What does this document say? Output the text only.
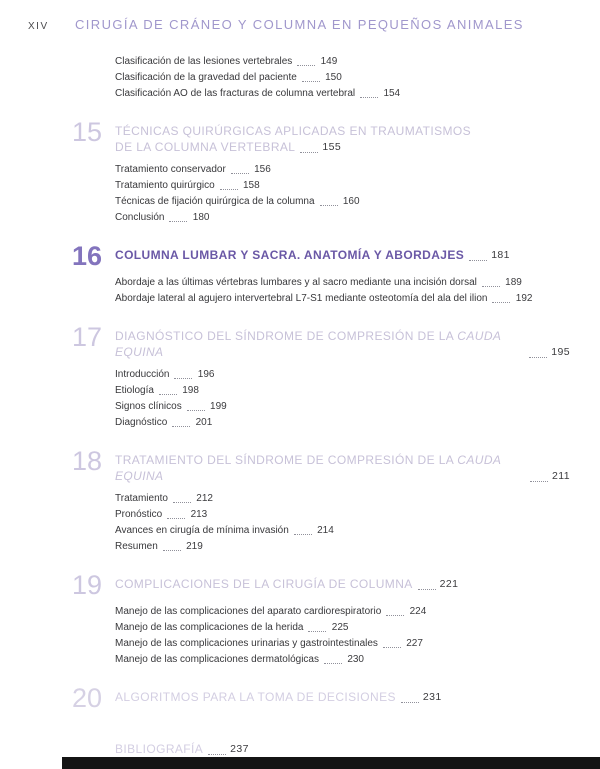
XIV	CIRUGÍA DE CRÁNEO Y COLUMNA EN PEQUEÑOS ANIMALES
Clasificación de las lesiones vertebrales	149
Clasificación de la gravedad del paciente	150
Clasificación AO de las fracturas de columna vertebral	154
15	TÉCNICAS QUIRÚRGICAS APLICADAS EN TRAUMATISMOS
DE LA COLUMNA VERTEBRAL	155
Tratamiento conservador	156
Tratamiento quirúrgico	158
Técnicas de fijación quirúrgica de la columna	160
Conclusión	180
16	COLUMNA LUMBAR Y SACRA. ANATOMÍA Y ABORDAJES	181
Abordaje a las últimas vértebras lumbares y al sacro mediante una incisión dorsal	189
Abordaje lateral al agujero intervertebral L7-S1 mediante osteotomía del ala del ilion	192
17	DIAGNÓSTICO DEL SÍNDROME DE COMPRESIÓN DE LA CAUDA EQUINA	195
Introducción	196
Etiología	198
Signos clínicos	199
Diagnóstico	201
18	TRATAMIENTO DEL SÍNDROME DE COMPRESIÓN DE LA CAUDA EQUINA	211
Tratamiento	212
Pronóstico	213
Avances en cirugía de mínima invasión	214
Resumen	219
19	COMPLICACIONES DE LA CIRUGÍA DE COLUMNA	221
Manejo de las complicaciones del aparato cardiorespiratorio	224
Manejo de las complicaciones de la herida	225
Manejo de las complicaciones urinarias y gastrointestinales	227
Manejo de las complicaciones dermatológicas	230
20	ALGORITMOS PARA LA TOMA DE DECISIONES	231
BIBLIOGRAFÍA	237
